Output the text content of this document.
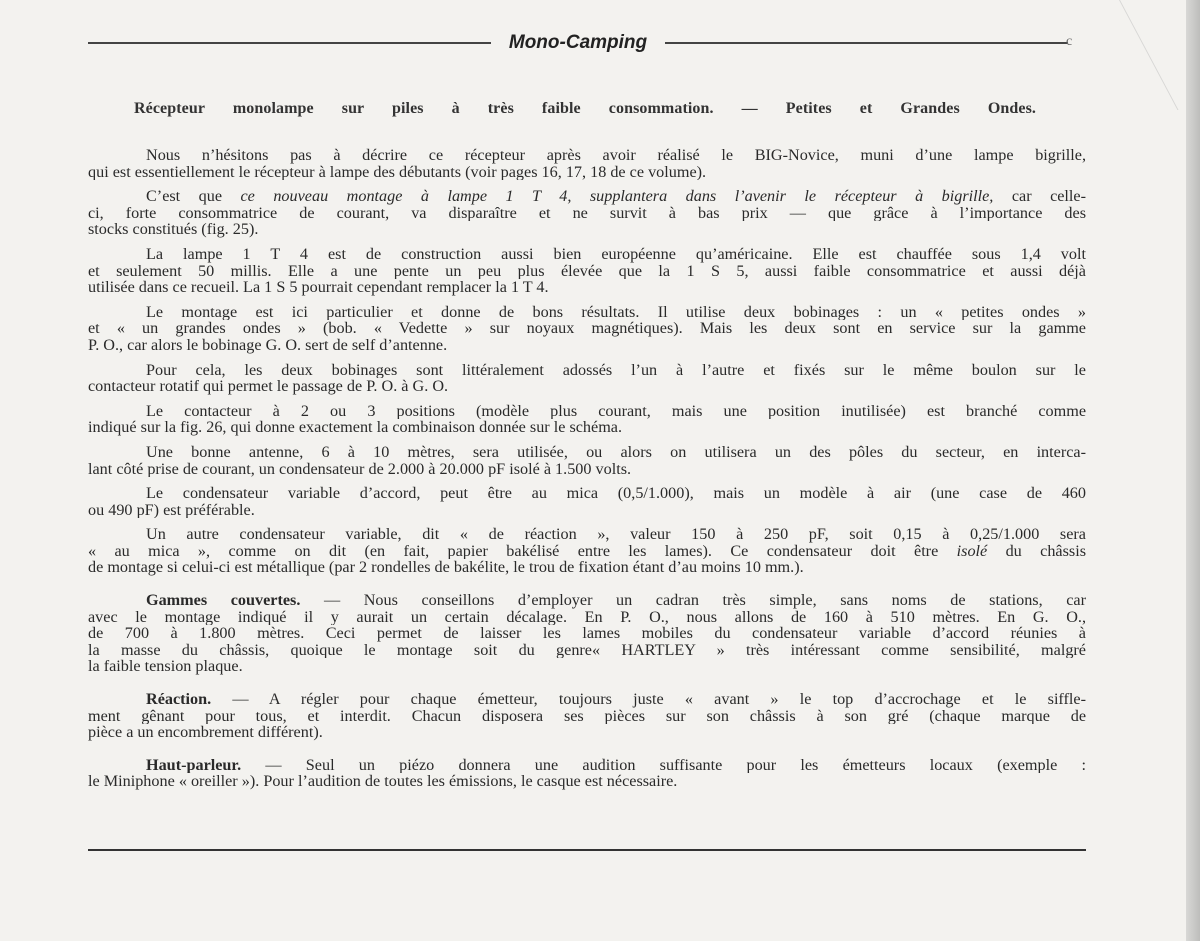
Mono-Camping	c
Récepteur monolampe sur piles à très faible consommation. — Petites et Grandes Ondes.
Nous n’hésitons pas à décrire ce récepteur après avoir réalisé le BIG-Novice, muni d’une lampe bigrille,
qui est essentiellement le récepteur à lampe des débutants (voir pages 16, 17, 18 de ce volume).
C’est que ce nouveau montage à lampe 1 T 4, supplantera dans l’avenir le récepteur à bigrille, car celle-
ci, forte consommatrice de courant, va disparaître et ne survit à bas prix — que grâce à l’importance des
stocks constitués (fig. 25).
La lampe 1 T 4 est de construction aussi bien européenne qu’américaine. Elle est chauffée sous 1,4 volt
et seulement 50 millis. Elle a une pente un peu plus élevée que la 1 S 5, aussi faible consommatrice et aussi déjà
utilisée dans ce recueil. La 1 S 5 pourrait cependant remplacer la 1 T 4.
Le montage est ici particulier et donne de bons résultats. Il utilise deux bobinages : un « petites ondes »
et « un grandes ondes » (bob. « Vedette » sur noyaux magnétiques). Mais les deux sont en service sur la gamme
P. O., car alors le bobinage G. O. sert de self d’antenne.
Pour cela, les deux bobinages sont littéralement adossés l’un à l’autre et fixés sur le même boulon sur le
contacteur rotatif qui permet le passage de P. O. à G. O.
Le contacteur à 2 ou 3 positions (modèle plus courant, mais une position inutilisée) est branché comme
indiqué sur la fig. 26, qui donne exactement la combinaison donnée sur le schéma.
Une bonne antenne, 6 à 10 mètres, sera utilisée, ou alors on utilisera un des pôles du secteur, en interca-
lant côté prise de courant, un condensateur de 2.000 à 20.000 pF isolé à 1.500 volts.
Le condensateur variable d’accord, peut être au mica (0,5/1.000), mais un modèle à air (une case de 460
ou 490 pF) est préférable.
Un autre condensateur variable, dit « de réaction », valeur 150 à 250 pF, soit 0,15 à 0,25/1.000 sera
« au mica », comme on dit (en fait, papier bakélisé entre les lames). Ce condensateur doit être isolé du châssis
de montage si celui-ci est métallique (par 2 rondelles de bakélite, le trou de fixation étant d’au moins 10 mm.).
Gammes couvertes. — Nous conseillons d’employer un cadran très simple, sans noms de stations, car
avec le montage indiqué il y aurait un certain décalage. En P. O., nous allons de 160 à 510 mètres. En G. O.,
de 700 à 1.800 mètres. Ceci permet de laisser les lames mobiles du condensateur variable d’accord réunies à
la masse du châssis, quoique le montage soit du genre« HARTLEY » très intéressant comme sensibilité, malgré
la faible tension plaque.
Réaction. — A régler pour chaque émetteur, toujours juste « avant » le top d’accrochage et le siffle-
ment gênant pour tous, et interdit. Chacun disposera ses pièces sur son châssis à son gré (chaque marque de
pièce a un encombrement différent).
Haut-parleur. — Seul un piézo donnera une audition suffisante pour les émetteurs locaux (exemple :
le Miniphone « oreiller »). Pour l’audition de toutes les émissions, le casque est nécessaire.
